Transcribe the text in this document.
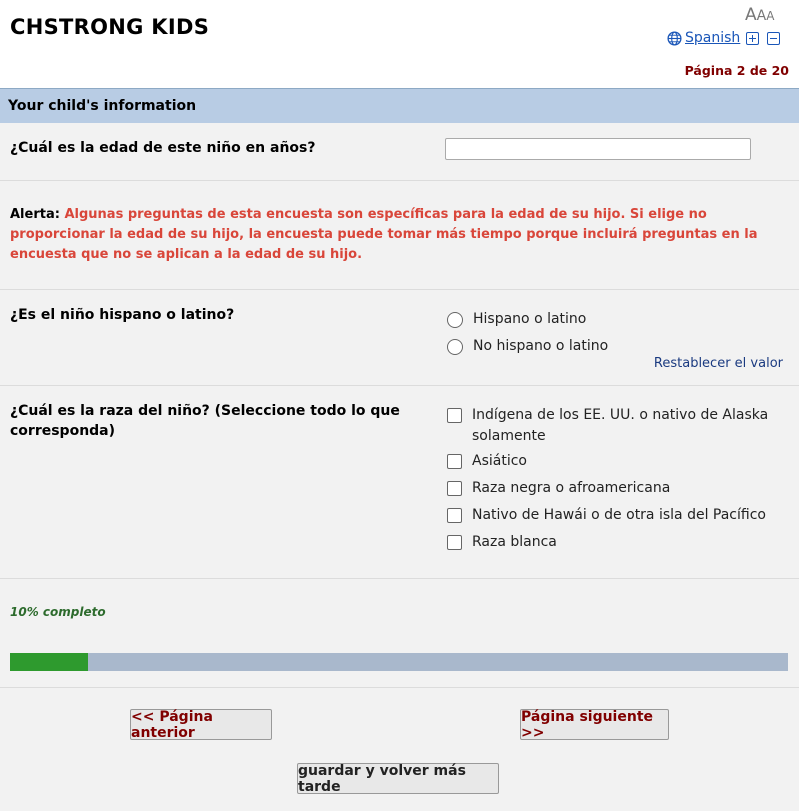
CHSTRONG KIDS	AAA
Spanish
Página 2 de 20
Your child's information
¿Cuál es la edad de este niño en años?
Alerta: Algunas preguntas de esta encuesta son específicas para la edad de su hijo. Si elige no proporcionar la edad de su hijo, la encuesta puede tomar más tiempo porque incluirá preguntas en la encuesta que no se aplican a la edad de su hijo.
¿Es el niño hispano o latino?	Hispano o latino
No hispano o latino
Restablecer el valor
¿Cuál es la raza del niño? (Seleccione todo lo que corresponda)
Indígena de los EE. UU. o nativo de Alaska solamente
Asiático
Raza negra o afroamericana
Nativo de Hawái o de otra isla del Pacífico
Raza blanca
10% completo
<< Página anterior
Página siguiente >>
guardar y volver más tarde
